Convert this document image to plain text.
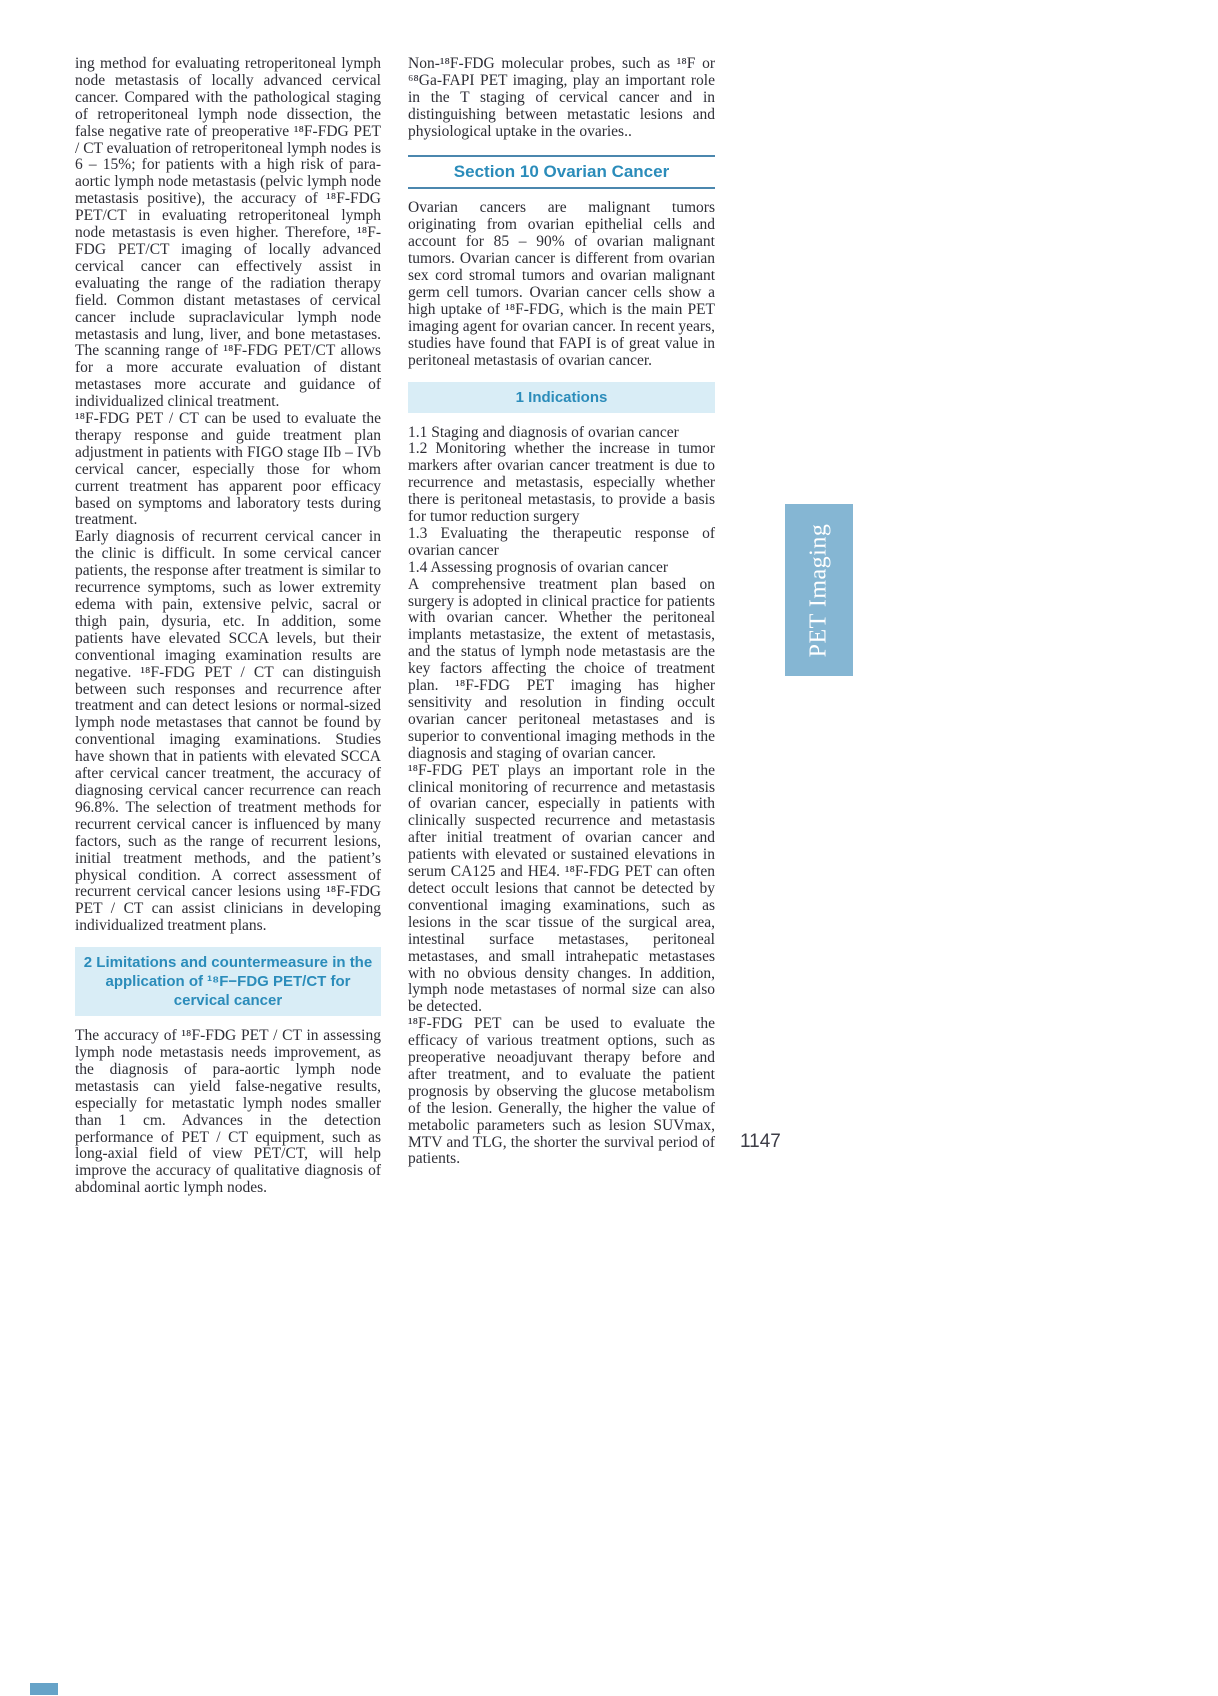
ing method for evaluating retroperitoneal lymph node metastasis of locally advanced cervical cancer. Compared with the pathological staging of retroperitoneal lymph node dissection, the false negative rate of preoperative ¹⁸F-FDG PET / CT evaluation of retroperitoneal lymph nodes is 6 – 15%; for patients with a high risk of para-aortic lymph node metastasis (pelvic lymph node metastasis positive), the accuracy of ¹⁸F-FDG PET/CT in evaluating retroperitoneal lymph node metastasis is even higher. Therefore, ¹⁸F-FDG PET/CT imaging of locally advanced cervical cancer can effectively assist in evaluating the range of the radiation therapy field. Common distant metastases of cervical cancer include supraclavicular lymph node metastasis and lung, liver, and bone metastases. The scanning range of ¹⁸F-FDG PET/CT allows for a more accurate evaluation of distant metastases more accurate and guidance of individualized clinical treatment.

¹⁸F-FDG PET / CT can be used to evaluate the therapy response and guide treatment plan adjustment in patients with FIGO stage IIb – IVb cervical cancer, especially those for whom current treatment has apparent poor efficacy based on symptoms and laboratory tests during treatment.

Early diagnosis of recurrent cervical cancer in the clinic is difficult. In some cervical cancer patients, the response after treatment is similar to recurrence symptoms, such as lower extremity edema with pain, extensive pelvic, sacral or thigh pain, dysuria, etc. In addition, some patients have elevated SCCA levels, but their conventional imaging examination results are negative. ¹⁸F-FDG PET / CT can distinguish between such responses and recurrence after treatment and can detect lesions or normal-sized lymph node metastases that cannot be found by conventional imaging examinations. Studies have shown that in patients with elevated SCCA after cervical cancer treatment, the accuracy of diagnosing cervical cancer recurrence can reach 96.8%. The selection of treatment methods for recurrent cervical cancer is influenced by many factors, such as the range of recurrent lesions, initial treatment methods, and the patient’s physical condition. A correct assessment of recurrent cervical cancer lesions using ¹⁸F-FDG PET / CT can assist clinicians in developing individualized treatment plans.

2 Limitations and countermeasure in the application of ¹⁸F−FDG PET/CT for cervical cancer

The accuracy of ¹⁸F-FDG PET / CT in assessing lymph node metastasis needs improvement, as the diagnosis of para-aortic lymph node metastasis can yield false-negative results, especially for metastatic lymph nodes smaller than 1 cm. Advances in the detection performance of PET / CT equipment, such as long-axial field of view PET/CT, will help improve the accuracy of qualitative diagnosis of abdominal aortic lymph nodes.

Non-¹⁸F-FDG molecular probes, such as ¹⁸F or ⁶⁸Ga-FAPI PET imaging, play an important role in the T staging of cervical cancer and in distinguishing between metastatic lesions and physiological uptake in the ovaries..

Section 10 Ovarian Cancer

Ovarian cancers are malignant tumors originating from ovarian epithelial cells and account for 85 – 90% of ovarian malignant tumors. Ovarian cancer is different from ovarian sex cord stromal tumors and ovarian malignant germ cell tumors. Ovarian cancer cells show a high uptake of ¹⁸F-FDG, which is the main PET imaging agent for ovarian cancer. In recent years, studies have found that FAPI is of great value in peritoneal metastasis of ovarian cancer.

1 Indications

1.1 Staging and diagnosis of ovarian cancer

1.2 Monitoring whether the increase in tumor markers after ovarian cancer treatment is due to recurrence and metastasis, especially whether there is peritoneal metastasis, to provide a basis for tumor reduction surgery

1.3 Evaluating the therapeutic response of ovarian cancer

1.4 Assessing prognosis of ovarian cancer

A comprehensive treatment plan based on surgery is adopted in clinical practice for patients with ovarian cancer. Whether the peritoneal implants metastasize, the extent of metastasis, and the status of lymph node metastasis are the key factors affecting the choice of treatment plan. ¹⁸F-FDG PET imaging has higher sensitivity and resolution in finding occult ovarian cancer peritoneal metastases and is superior to conventional imaging methods in the diagnosis and staging of ovarian cancer.

¹⁸F-FDG PET plays an important role in the clinical monitoring of recurrence and metastasis of ovarian cancer, especially in patients with clinically suspected recurrence and metastasis after initial treatment of ovarian cancer and patients with elevated or sustained elevations in serum CA125 and HE4. ¹⁸F-FDG PET can often detect occult lesions that cannot be detected by conventional imaging examinations, such as lesions in the scar tissue of the surgical area, intestinal surface metastases, peritoneal metastases, and small intrahepatic metastases with no obvious density changes. In addition, lymph node metastases of normal size can also be detected.

¹⁸F-FDG PET can be used to evaluate the efficacy of various treatment options, such as preoperative neoadjuvant therapy before and after treatment, and to evaluate the patient prognosis by observing the glucose metabolism of the lesion. Generally, the higher the value of metabolic parameters such as lesion SUVmax, MTV and TLG, the shorter the survival period of patients.

1147
PET Imaging
